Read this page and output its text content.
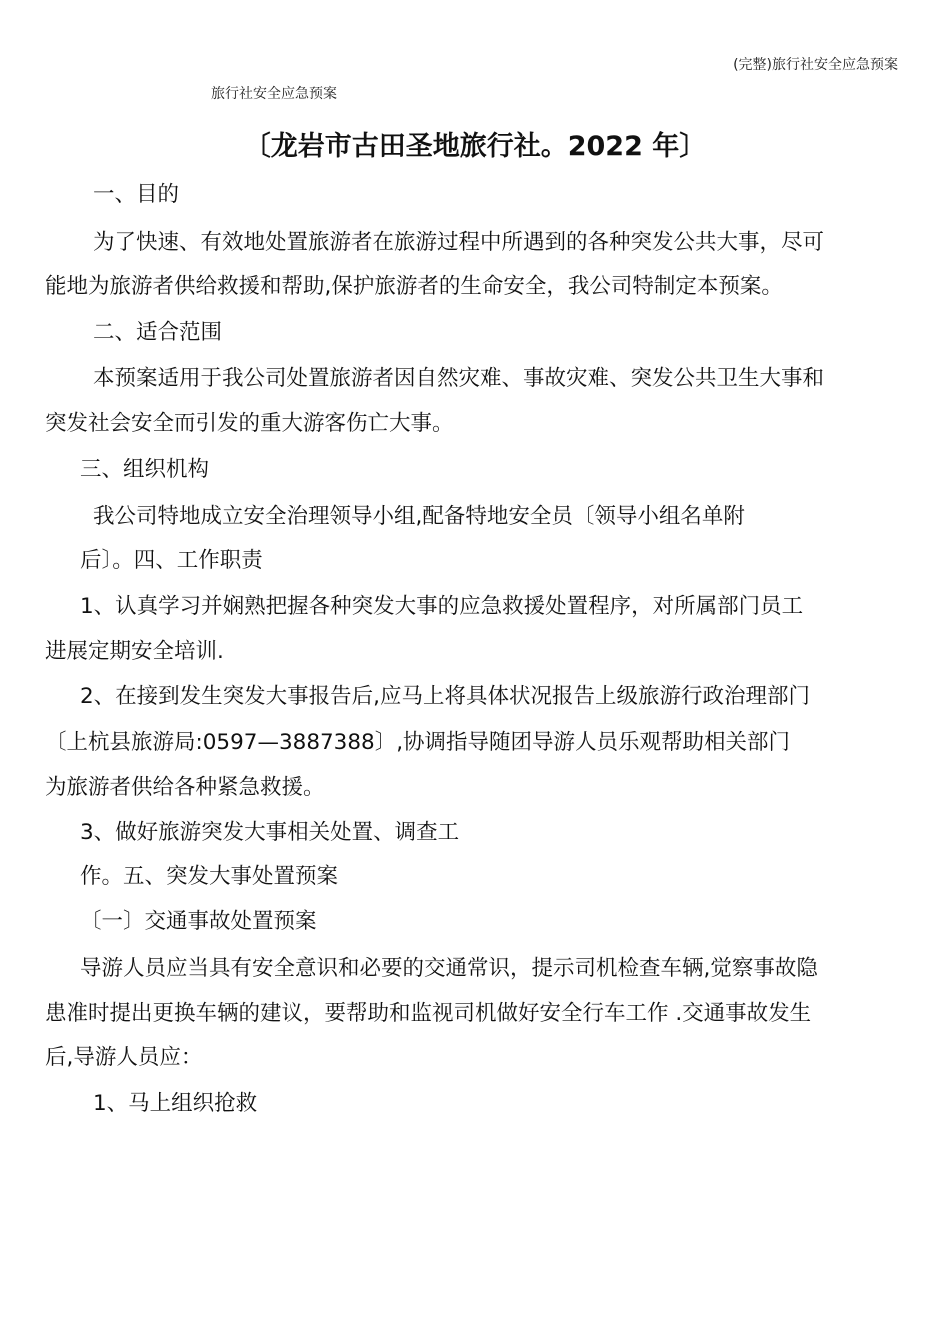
(完整)旅行社安全应急预案
旅行社安全应急预案
〔龙岩市古田圣地旅行社。2022 年〕
一、目的
为了快速、有效地处置旅游者在旅游过程中所遇到的各种突发公共大事，尽可
能地为旅游者供给救援和帮助,保护旅游者的生命安全，我公司特制定本预案。
二、适合范围
本预案适用于我公司处置旅游者因自然灾难、事故灾难、突发公共卫生大事和
突发社会安全而引发的重大游客伤亡大事。
三、组织机构
我公司特地成立安全治理领导小组,配备特地安全员〔领导小组名单附
后〕。四、工作职责
1、认真学习并娴熟把握各种突发大事的应急救援处置程序，对所属部门员工
进展定期安全培训.
2、在接到发生突发大事报告后,应马上将具体状况报告上级旅游行政治理部门
〔上杭县旅游局:0597—3887388〕,协调指导随团导游人员乐观帮助相关部门
为旅游者供给各种紧急救援。
3、做好旅游突发大事相关处置、调查工
作。五、突发大事处置预案
〔一〕交通事故处置预案
导游人员应当具有安全意识和必要的交通常识，提示司机检查车辆,觉察事故隐
患准时提出更换车辆的建议，要帮助和监视司机做好安全行车工作 .交通事故发生
后,导游人员应：
1、马上组织抢救
